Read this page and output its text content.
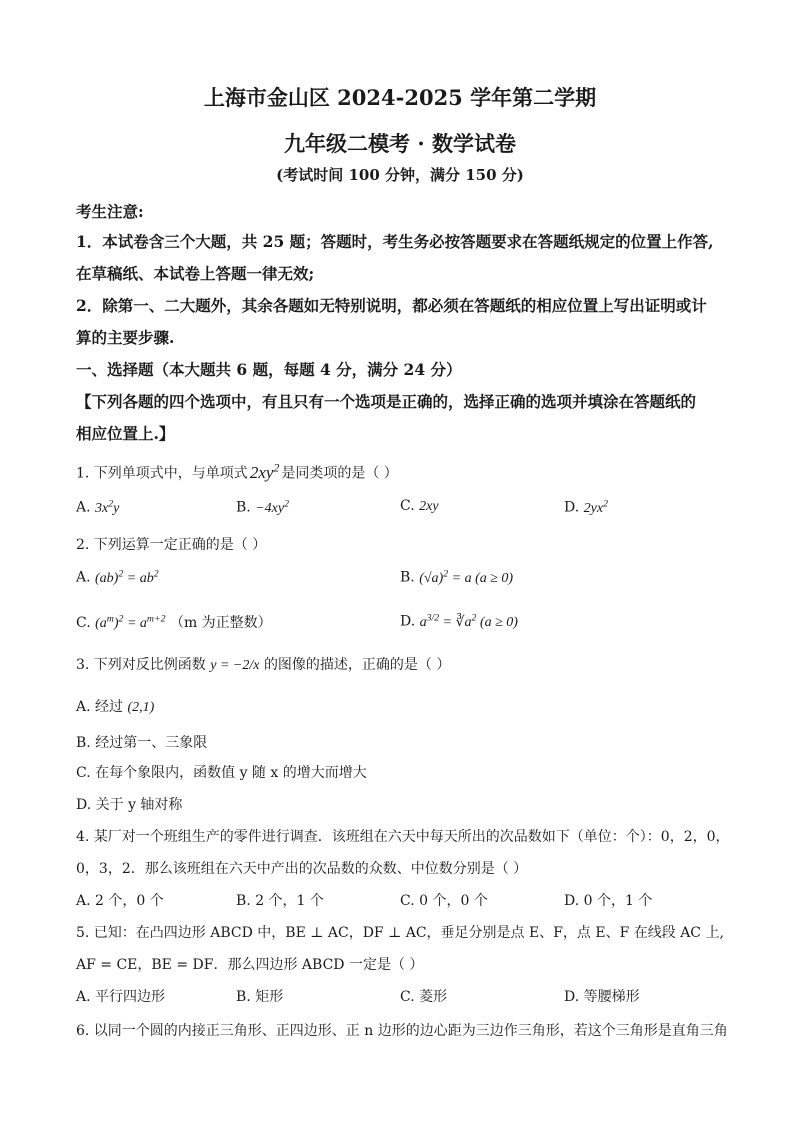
上海市金山区 2024-2025 学年第二学期
九年级二模考 · 数学试卷
(考试时间 100 分钟，满分 150 分)
考生注意:
1．本试卷含三个大题，共 25 题；答题时，考生务必按答题要求在答题纸规定的位置上作答,
在草稿纸、本试卷上答题一律无效;
2．除第一、二大题外，其余各题如无特别说明，都必须在答题纸的相应位置上写出证明或计
算的主要步骤.
一、选择题（本大题共 6 题，每题 4 分，满分 24 分）
【下列各题的四个选项中，有且只有一个选项是正确的，选择正确的选项并填涂在答题纸的
相应位置上.】
1. 下列单项式中，与单项式 $2xy^2$ 是同类项的是（ ）
A. $3x^2y$	B. $-4xy^2$	C. 2xy	D. $2yx^2$
2. 下列运算一定正确的是（ ）
A. $(ab)^2 = ab^2$	B. $(√a)^2 = a$ (a ≥ 0)
C. $(a^m)^2 = a^{m+2}$ （m 为正整数）	D. $a^{3/2}$ = $∛a^2$ (a ≥ 0)
3. 下列对反比例函数 y = −2/x 的图像的描述，正确的是（ ）
A. 经过 (2,1)
B. 经过第一、三象限
C. 在每个象限内，函数值 y 随 x 的增大而增大
D. 关于 y 轴对称
4. 某厂对一个班组生产的零件进行调查．该班组在六天中每天所出的次品数如下（单位：个）：0，2，0，
0，3，2．那么该班组在六天中产出的次品数的众数、中位数分别是（ ）
A. 2 个，0 个	B. 2 个，1 个	C. 0 个，0 个	D. 0 个，1 个
5. 已知：在凸四边形 ABCD 中，BE ⊥ AC，DF ⊥ AC，垂足分别是点 E、F，点 E、F 在线段 AC 上,
AF = CE，BE = DF．那么四边形 ABCD 一定是（ ）
A. 平行四边形	B. 矩形	C. 菱形	D. 等腰梯形
6. 以同一个圆的内接正三角形、正四边形、正 n 边形的边心距为三边作三角形，若这个三角形是直角三角
